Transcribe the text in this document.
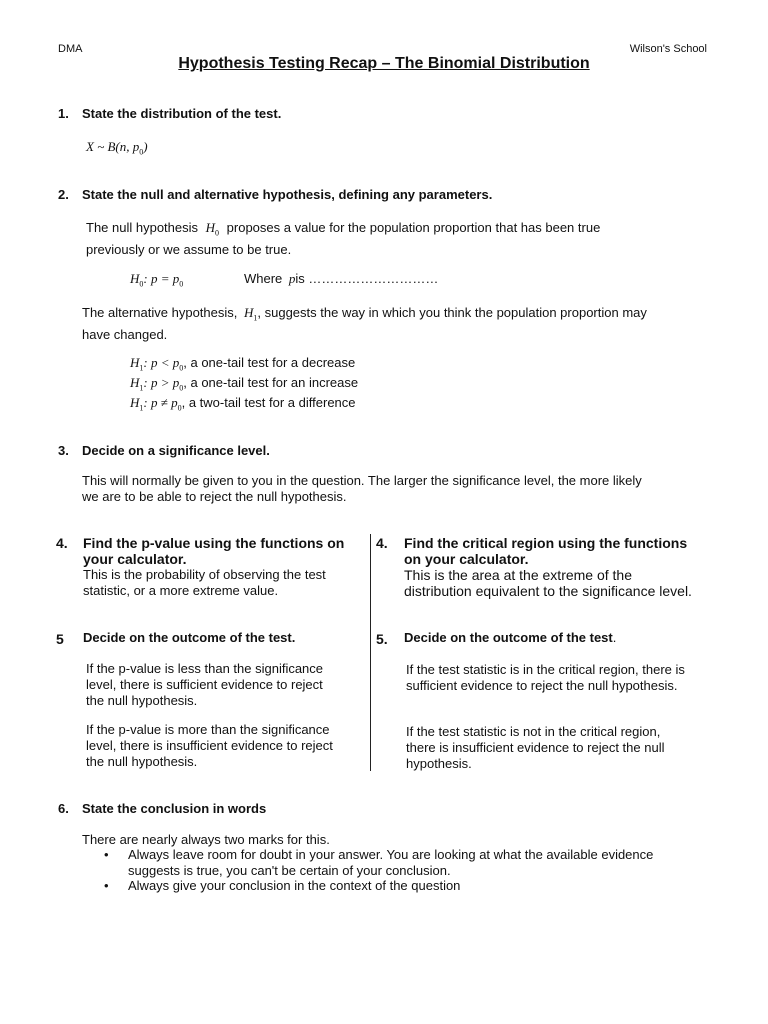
DMA	Wilson's School
Hypothesis Testing Recap – The Binomial Distribution
1. State the distribution of the test.
X ~ B(n, $p_0$)
2. State the null and alternative hypothesis, defining any parameters.
The null hypothesis $H_0$ proposes a value for the population proportion that has been true
previously or we assume to be true.
$H_0$: $p = p_0$	Where pis …………………………
The alternative hypothesis, $H_1$, suggests the way in which you think the population proportion may
have changed.
$H_1$: $p < p_0$, a one-tail test for a decrease
$H_1$: $p > p_0$, a one-tail test for an increase
$H_1$: $p \ne p_0$, a two-tail test for a difference
3. Decide on a significance level.
This will normally be given to you in the question. The larger the significance level, the more likely
we are to be able to reject the null hypothesis.
4. Find the p-value using the functions on
your calculator.
This is the probability of observing the test
statistic, or a more extreme value.
4. Find the critical region using the functions
on your calculator.
This is the area at the extreme of the
distribution equivalent to the significance level.
5 Decide on the outcome of the test.
If the p-value is less than the significance
level, there is sufficient evidence to reject
the null hypothesis.
If the p-value is more than the significance
level, there is insufficient evidence to reject
the null hypothesis.
5. Decide on the outcome of the test.
If the test statistic is in the critical region, there is
sufficient evidence to reject the null hypothesis.
If the test statistic is not in the critical region,
there is insufficient evidence to reject the null
hypothesis.
6. State the conclusion in words
There are nearly always two marks for this.
• Always leave room for doubt in your answer. You are looking at what the available evidence
suggests is true, you can't be certain of your conclusion.
• Always give your conclusion in the context of the question
